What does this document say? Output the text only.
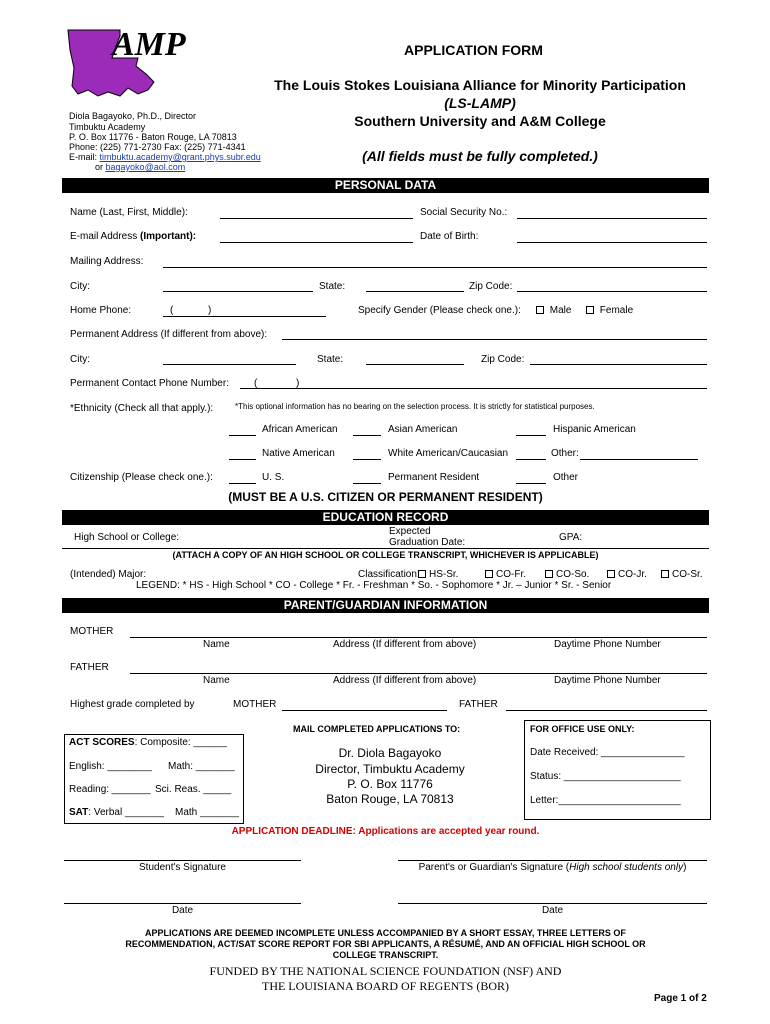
AMP
Diola Bagayoko, Ph.D., Director
Timbuktu Academy
P. O. Box 11776 - Baton Rouge, LA 70813
Phone: (225) 771-2730 Fax: (225) 771-4341
E-mail: timbuktu.academy@grant.phys.subr.edu
or bagayoko@aol.com
APPLICATION FORM
The Louis Stokes Louisiana Alliance for Minority Participation
(LS-LAMP)
Southern University and A&M College
(All fields must be fully completed.)
PERSONAL DATA
Name (Last, First, Middle):	Social Security No.:
E-mail Address (Important):	Date of Birth:
Mailing Address:
City:	State:	Zip Code:
Home Phone:	(	)	Specify Gender (Please check one.):	Male	Female
Permanent Address (If different from above):
City:	State:	Zip Code:
Permanent Contact Phone Number:	(	)
*Ethnicity (Check all that apply.):	*This optional information has no bearing on the selection process. It is strictly for statistical purposes.
African American	Asian American	Hispanic American
Native American	White American/Caucasian	Other:
Citizenship (Please check one.):	U. S.	Permanent Resident	Other
(MUST BE A U.S. CITIZEN OR PERMANENT RESIDENT)
EDUCATION RECORD
High School or College:
Expected
Graduation Date:	GPA:
(ATTACH A COPY OF AN HIGH SCHOOL OR COLLEGE TRANSCRIPT, WHICHEVER IS APPLICABLE)
(Intended) Major:	Classification: HS-Sr.	CO-Fr.	CO-So.	CO-Jr.	CO-Sr.
LEGEND: * HS - High School * CO - College * Fr. - Freshman * So. - Sophomore * Jr. – Junior * Sr. - Senior
PARENT/GUARDIAN INFORMATION
MOTHER
Name	Address (If different from above)	Daytime Phone Number
FATHER
Name	Address (If different from above)	Daytime Phone Number
Highest grade completed by	MOTHER	FATHER
ACT SCORES: Composite: ______
English: ________ Math: _______
Reading: _______ Sci. Reas. _____
SAT: Verbal _______ Math _______
MAIL COMPLETED APPLICATIONS TO:
Dr. Diola Bagayoko
Director, Timbuktu Academy
P. O. Box 11776
Baton Rouge, LA 70813
FOR OFFICE USE ONLY:
Date Received: _______________
Status: _____________________
Letter:______________________
APPLICATION DEADLINE: Applications are accepted year round.
Student's Signature	Parent's or Guardian's Signature (High school students only)
Date	Date
APPLICATIONS ARE DEEMED INCOMPLETE UNLESS ACCOMPANIED BY A SHORT ESSAY, THREE LETTERS OF
RECOMMENDATION, ACT/SAT SCORE REPORT FOR SBI APPLICANTS, A RÉSUMÉ, AND AN OFFICIAL HIGH SCHOOL OR
COLLEGE TRANSCRIPT.
FUNDED BY THE NATIONAL SCIENCE FOUNDATION (NSF) AND
THE LOUISIANA BOARD OF REGENTS (BOR)
Page 1 of 2
